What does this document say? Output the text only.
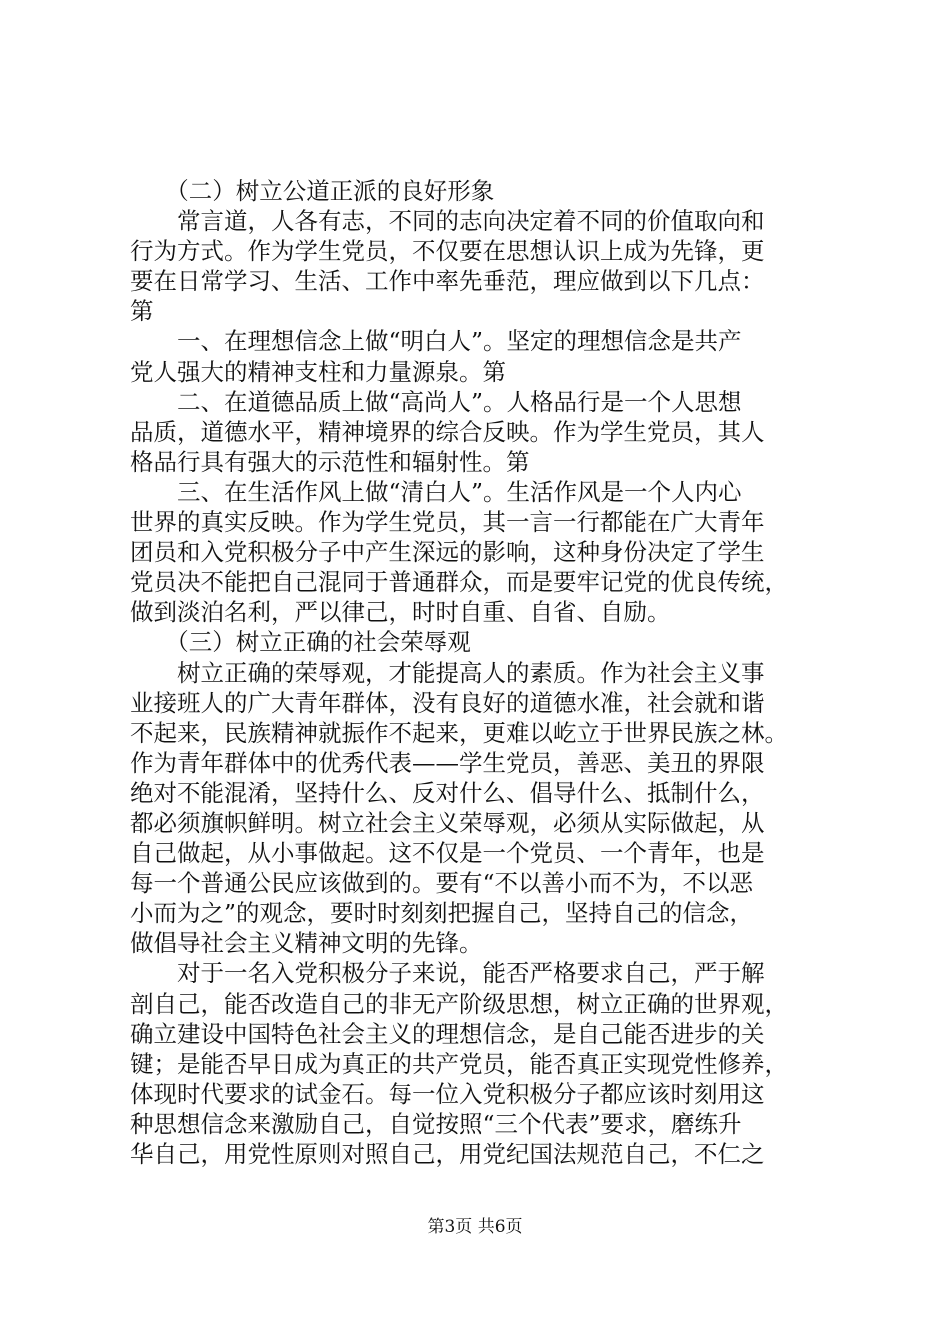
　　（二）树立公道正派的良好形象
　　常言道，人各有志，不同的志向决定着不同的价值取向和
行为方式。作为学生党员，不仅要在思想认识上成为先锋，更
要在日常学习、生活、工作中率先垂范，理应做到以下几点：
第
　　一、在理想信念上做“明白人”。坚定的理想信念是共产
党人强大的精神支柱和力量源泉。第
　　二、在道德品质上做“高尚人”。人格品行是一个人思想
品质，道德水平，精神境界的综合反映。作为学生党员，其人
格品行具有强大的示范性和辐射性。第
　　三、在生活作风上做“清白人”。生活作风是一个人内心
世界的真实反映。作为学生党员，其一言一行都能在广大青年
团员和入党积极分子中产生深远的影响，这种身份决定了学生
党员决不能把自己混同于普通群众，而是要牢记党的优良传统，
做到淡泊名利，严以律己，时时自重、自省、自励。
　　（三）树立正确的社会荣辱观
　　树立正确的荣辱观，才能提高人的素质。作为社会主义事
业接班人的广大青年群体，没有良好的道德水准，社会就和谐
不起来，民族精神就振作不起来，更难以屹立于世界民族之林。
作为青年群体中的优秀代表——学生党员，善恶、美丑的界限
绝对不能混淆，坚持什么、反对什么、倡导什么、抵制什么，
都必须旗帜鲜明。树立社会主义荣辱观，必须从实际做起，从
自己做起，从小事做起。这不仅是一个党员、一个青年，也是
每一个普通公民应该做到的。要有“不以善小而不为，不以恶
小而为之”的观念，要时时刻刻把握自己，坚持自己的信念，
做倡导社会主义精神文明的先锋。
　　对于一名入党积极分子来说，能否严格要求自己，严于解
剖自己，能否改造自己的非无产阶级思想，树立正确的世界观，
确立建设中国特色社会主义的理想信念，是自己能否进步的关
键；是能否早日成为真正的共产党员，能否真正实现党性修养，
体现时代要求的试金石。每一位入党积极分子都应该时刻用这
种思想信念来激励自己，自觉按照“三个代表”要求，磨练升
华自己，用党性原则对照自己，用党纪国法规范自己，不仁之
第3页 共6页
